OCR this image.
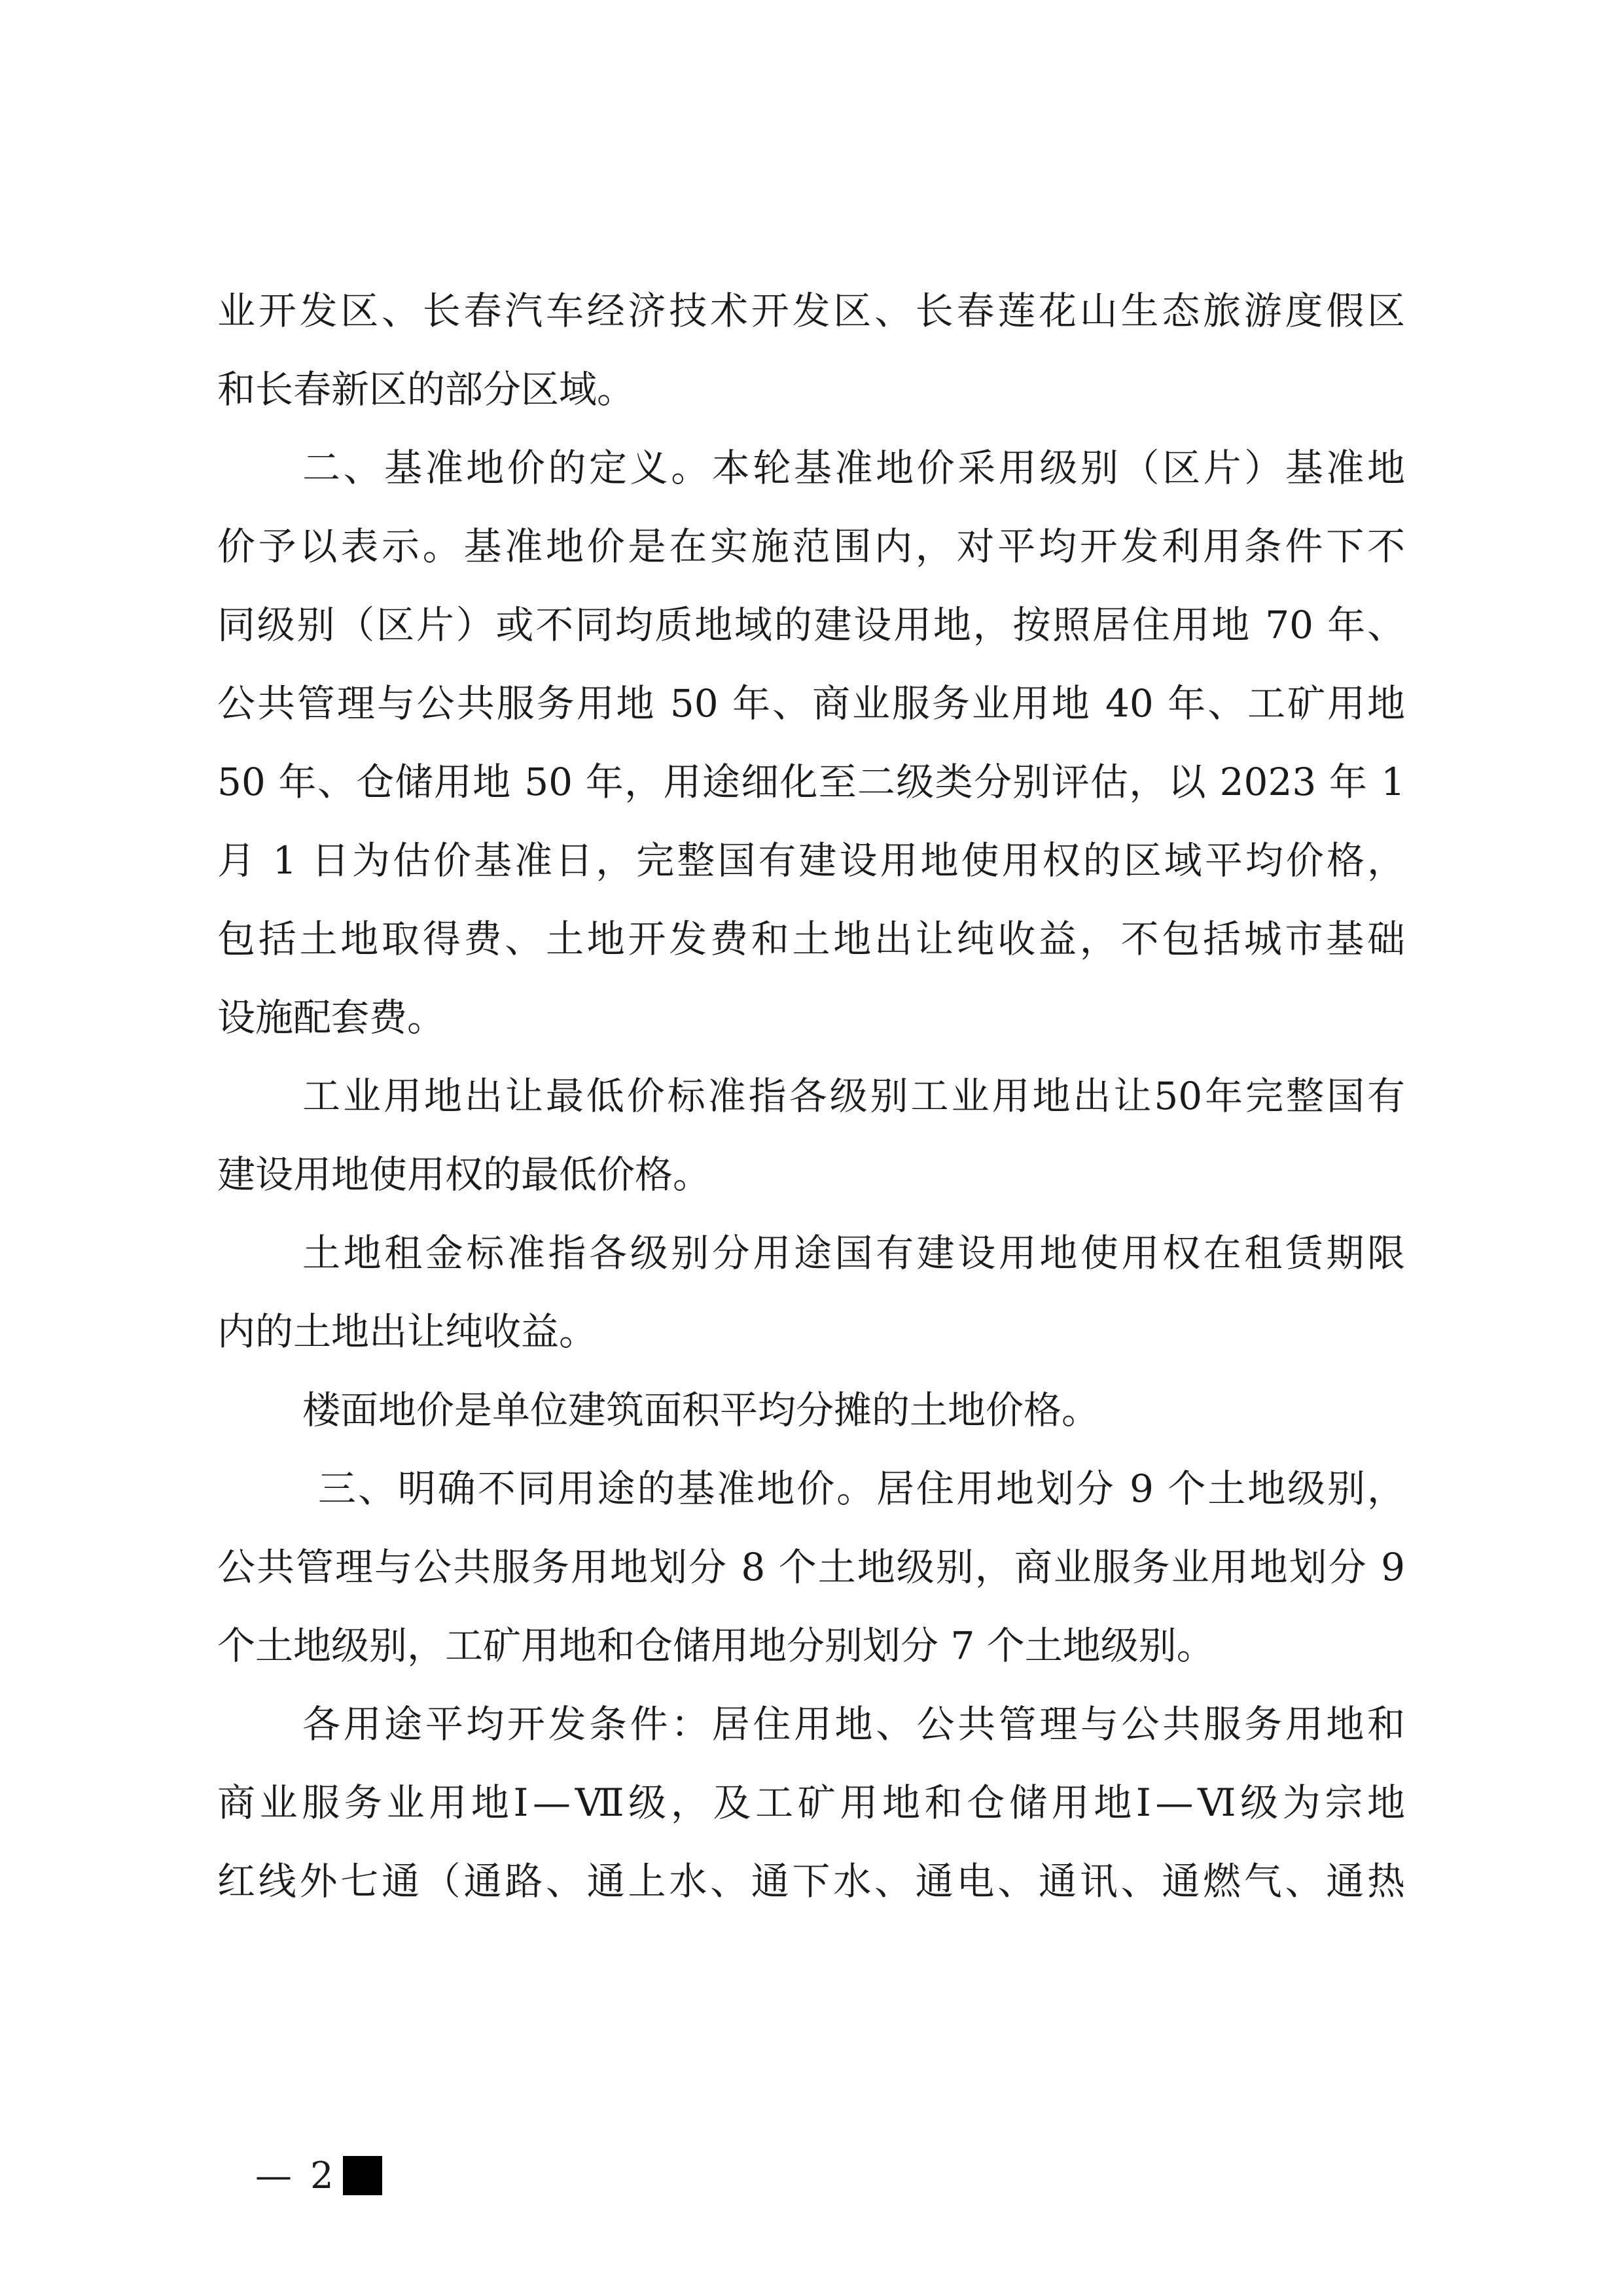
业开发区、长春汽车经济技术开发区、长春莲花山生态旅游度假区
和长春新区的部分区域。
二、基准地价的定义。本轮基准地价采用级别（区片）基准地
价予以表示。基准地价是在实施范围内，对平均开发利用条件下不
同级别（区片）或不同均质地域的建设用地，按照居住用地 70 年、
公共管理与公共服务用地 50 年、商业服务业用地 40 年、工矿用地
50 年、仓储用地 50 年，用途细化至二级类分别评估，以 2023 年 1
月 1 日为估价基准日，完整国有建设用地使用权的区域平均价格，
包括土地取得费、土地开发费和土地出让纯收益，不包括城市基础
设施配套费。
工业用地出让最低价标准指各级别工业用地出让50年完整国有
建设用地使用权的最低价格。
土地租金标准指各级别分用途国有建设用地使用权在租赁期限
内的土地出让纯收益。
楼面地价是单位建筑面积平均分摊的土地价格。
三、明确不同用途的基准地价。居住用地划分 9 个土地级别，
公共管理与公共服务用地划分 8 个土地级别，商业服务业用地划分 9
个土地级别，工矿用地和仓储用地分别划分 7 个土地级别。
各用途平均开发条件：居住用地、公共管理与公共服务用地和
商业服务业用地Ⅰ—Ⅶ级，及工矿用地和仓储用地Ⅰ—Ⅵ级为宗地
红线外七通（通路、通上水、通下水、通电、通讯、通燃气、通热
— 2
